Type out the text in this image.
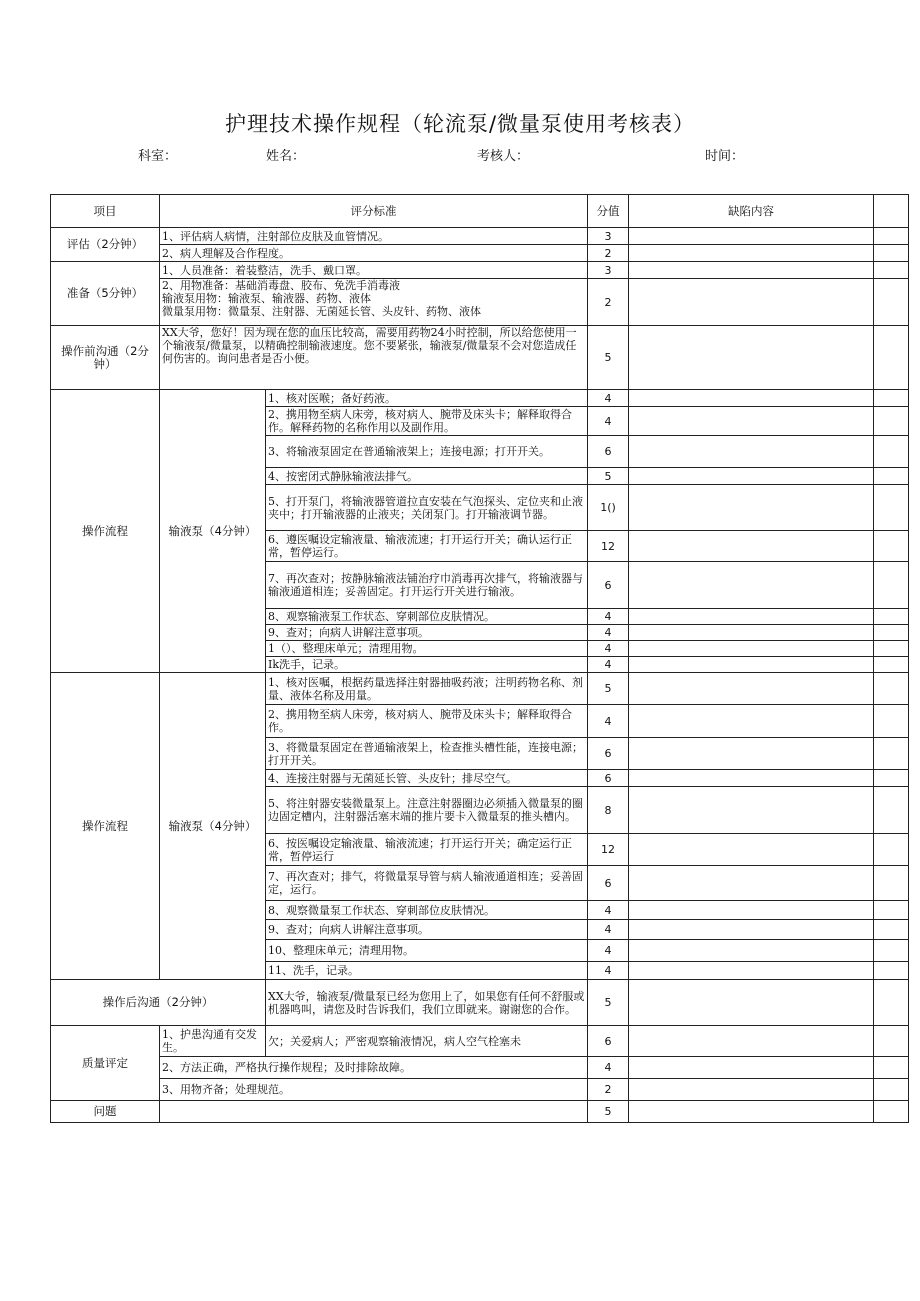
护理技术操作规程（轮流泵/微量泵使用考核表）
科室：	姓名：	考核人：	时间：
项目	评分标准		分值	缺陷内容	
评估（2分钟）	1、评估病人病情，注射部位皮肤及血管情况。		3		
	2、病人理解及合作程度。		2		
准备（5分钟）	1、人员准备：着装整洁，洗手、戴口罩。		3		
	2、用物准备：基础消毒盘、胶布、免洗手消毒液
输液泵用物：输液泵、输液器、药物、液体
微量泵用物：微量泵、注射器、无菌延长管、头皮针、药物、液体		2		
操作前沟通（2分钟）	XX大爷，您好！因为现在您的血压比较高，需要用药物24小时控制，所以给您使用一个输液泵/微量泵，以精确控制输液速度。您不要紧张，输液泵/微量泵不会对您造成任何伤害的。询问患者是否小便。		5		
操作流程	输液泵（4分钟）	1、核对医喉；备好药液。	4		
		2、携用物至病人床旁，核对病人、腕带及床头卡；解释取得合作。解释药物的名称作用以及副作用。	4		
		3、将输液泵固定在普通输液架上；连接电源；打开开关。	6		
		4、按密闭式静脉输液法排气。	5		
		5、打开泵门，将输液器管道拉直安装在气泡探头、定位夹和止液夹中；打开输液器的止液夹；关闭泵门。打开输液调节器。	1()		
		6、遵医嘱设定输液量、输液流速；打开运行开关；确认运行正常，暂停运行。	12		
		7、再次查对；按静脉输液法铺治疗巾消毒再次排气，将输液器与输液通道相连；妥善固定。打开运行开关进行输液。	6		
		8、观察输液泵工作状态、穿刺部位皮肤情况。	4		
		9、查对；向病人讲解注意事项。	4		
		1（）、整理床单元；清理用物。	4		
		Ik洗手，记录。	4		
操作流程	输液泵（4分钟）	1、核对医嘱，根据药量选择注射器抽吸药液；注明药物名称、剂量、液体名称及用量。	5		
		2、携用物至病人床旁，核对病人、腕带及床头卡；解释取得合作。	4		
		3、将微量泵固定在普通输液架上，检查推头槽性能，连接电源；打开开关。	6		
		4、连接注射器与无菌延长管、头皮针；排尽空气。	6		
		5、将注射器安装微量泵上。注意注射器圈边必须插入微量泵的圈边固定槽内，注射器活塞末端的推片要卡入微量泵的推头槽内。	8		
		6、按医嘱设定输液量、输液流速；打开运行开关；确定运行正常，暂停运行	12		
		7、再次查对；排气，将微量泵导管与病人输液通道相连；妥善固定，运行。	6		
		8、观察微量泵工作状态、穿刺部位皮肤情况。	4		
		9、查对；向病人讲解注意事项。	4		
		10、整理床单元；清理用物。	4		
		11、洗手，记录。	4		
操作后沟通（2分钟）		XX大爷，输液泵/微量泵已经为您用上了，如果您有任何不舒服或机器鸣叫，请您及时告诉我们，我们立即就来。谢谢您的合作。	5		
质量评定	1、护患沟通有交发生。	欠；关爱病人；严密观察输液情况，病人空气栓塞未	6		
	2、方法正确，严格执行操作规程；及时排除故障。		4		
	3、用物齐备；处理规范。		2		
问题			5		
